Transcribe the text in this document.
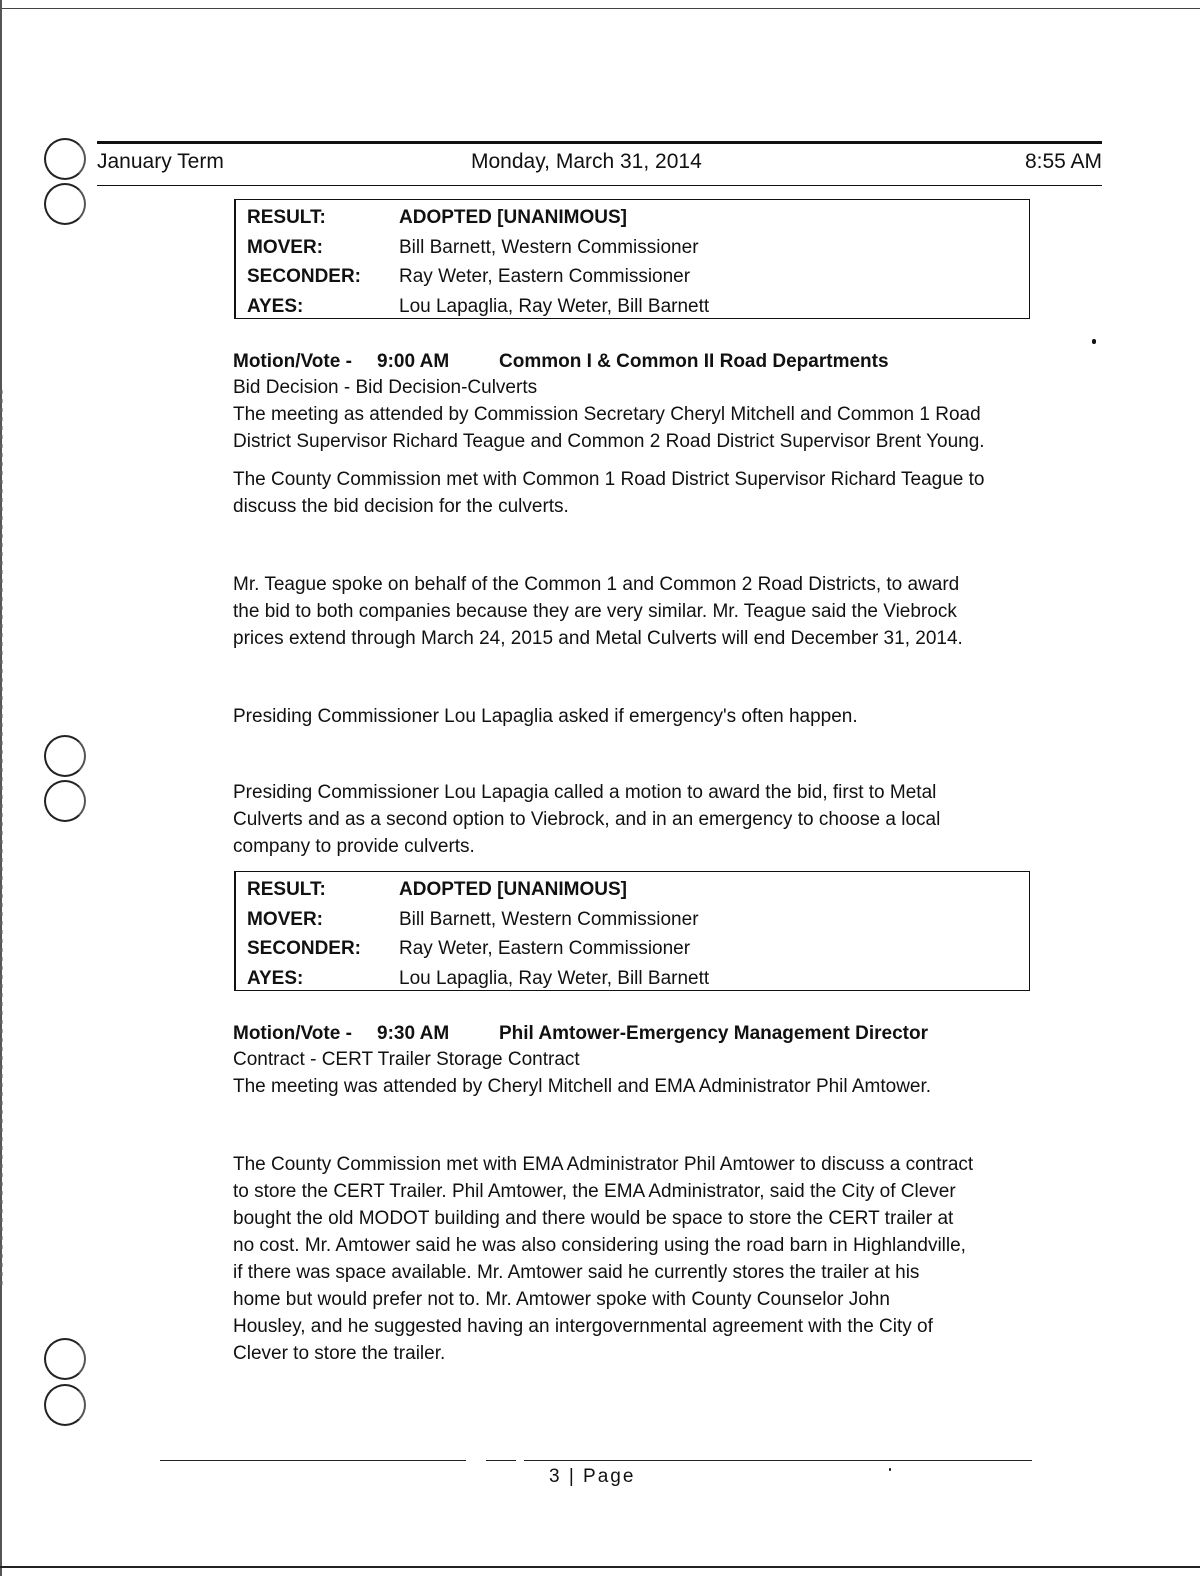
January Term	Monday, March 31, 2014	8:55 AM
RESULT:	ADOPTED [UNANIMOUS]
MOVER:	Bill Barnett, Western Commissioner
SECONDER: Ray Weter, Eastern Commissioner
AYES:	Lou Lapaglia, Ray Weter, Bill Barnett
Motion/Vote - 9:00 AM	Common I & Common II Road Departments
Bid Decision - Bid Decision-Culverts
The meeting as attended by Commission Secretary Cheryl Mitchell and Common 1 Road
District Supervisor Richard Teague and Common 2 Road District Supervisor Brent Young.
The County Commission met with Common 1 Road District Supervisor Richard Teague to
discuss the bid decision for the culverts.
Mr. Teague spoke on behalf of the Common 1 and Common 2 Road Districts, to award
the bid to both companies because they are very similar. Mr. Teague said the Viebrock
prices extend through March 24, 2015 and Metal Culverts will end December 31, 2014.
Presiding Commissioner Lou Lapaglia asked if emergency's often happen.
Presiding Commissioner Lou Lapagia called a motion to award the bid, first to Metal
Culverts and as a second option to Viebrock, and in an emergency to choose a local
company to provide culverts.
RESULT:	ADOPTED [UNANIMOUS]
MOVER:	Bill Barnett, Western Commissioner
SECONDER: Ray Weter, Eastern Commissioner
AYES:	Lou Lapaglia, Ray Weter, Bill Barnett
Motion/Vote - 9:30 AM	Phil Amtower-Emergency Management Director
Contract - CERT Trailer Storage Contract
The meeting was attended by Cheryl Mitchell and EMA Administrator Phil Amtower.
The County Commission met with EMA Administrator Phil Amtower to discuss a contract
to store the CERT Trailer. Phil Amtower, the EMA Administrator, said the City of Clever
bought the old MODOT building and there would be space to store the CERT trailer at
no cost. Mr. Amtower said he was also considering using the road barn in Highlandville,
if there was space available. Mr. Amtower said he currently stores the trailer at his
home but would prefer not to. Mr. Amtower spoke with County Counselor John
Housley, and he suggested having an intergovernmental agreement with the City of
Clever to store the trailer.
3 | Page
